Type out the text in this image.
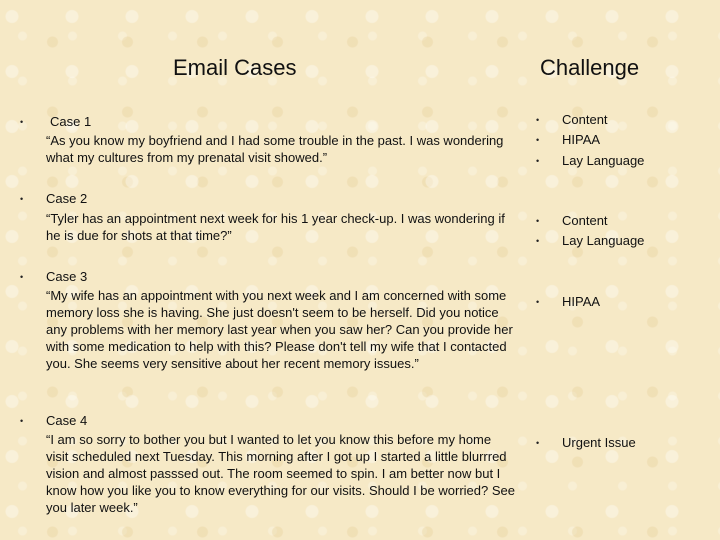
Email Cases	Challenge
• Case 1
“As you know my boyfriend and I had some trouble in the past. I was wondering what my cultures from my prenatal visit showed.”
• Content
• HIPAA
• Lay Language
• Case 2
“Tyler has an appointment next week for his 1 year check-up. I was wondering if he is due for shots at that time?”
• Content
• Lay Language
• Case 3
“My wife has an appointment with you next week and I am concerned with some memory loss she is having. She just doesn't seem to be herself. Did you notice any problems with her memory last year when you saw her? Can you provide her with some medication to help with this? Please don't tell my wife that I contacted you. She seems very sensitive about her recent memory issues.”
• HIPAA
• Case 4
“I am so sorry to bother you but I wanted to let you know this before my home visit scheduled next Tuesday. This morning after I got up I started a little blurrred vision and almost passsed out. The room seemed to spin. I am better now but I know how you like you to know everything for our visits. Should I be worried? See you later week.”
• Urgent Issue
